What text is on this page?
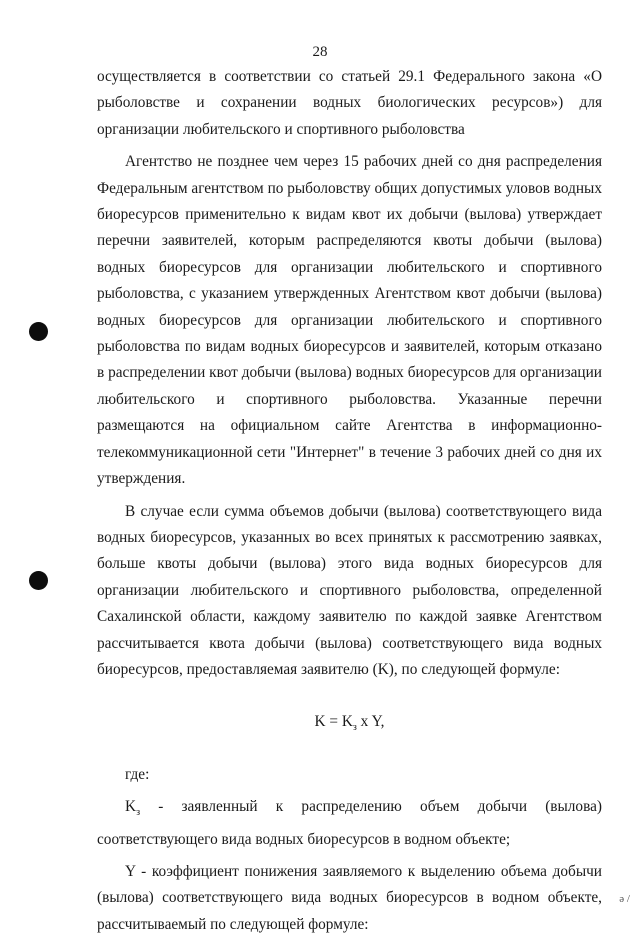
28

осуществляется в соответствии со статьей 29.1 Федерального закона «О рыболовстве и сохранении водных биологических ресурсов») для организации любительского и спортивного рыболовства

Агентство не позднее чем через 15 рабочих дней со дня распределения Федеральным агентством по рыболовству общих допустимых уловов водных биоресурсов применительно к видам квот их добычи (вылова) утверждает перечни заявителей, которым распределяются квоты добычи (вылова) водных биоресурсов для организации любительского и спортивного рыболовства, с указанием утвержденных Агентством квот добычи (вылова) водных биоресурсов для организации любительского и спортивного рыболовства по видам водных биоресурсов и заявителей, которым отказано в распределении квот добычи (вылова) водных биоресурсов для организации любительского и спортивного рыболовства. Указанные перечни размещаются на официальном сайте Агентства в информационно-телекоммуникационной сети "Интернет" в течение 3 рабочих дней со дня их утверждения.

В случае если сумма объемов добычи (вылова) соответствующего вида водных биоресурсов, указанных во всех принятых к рассмотрению заявках, больше квоты добычи (вылова) этого вида водных биоресурсов для организации любительского и спортивного рыболовства, определенной Сахалинской области, каждому заявителю по каждой заявке Агентством рассчитывается квота добычи (вылова) соответствующего вида водных биоресурсов, предоставляемая заявителю (K), по следующей формуле:

$K = K_з$ x Y,

где:

$K_з$ - заявленный к распределению объем добычи (вылова) соответствующего вида водных биоресурсов в водном объекте;

Y - коэффициент понижения заявляемого к выделению объема добычи (вылова) соответствующего вида водных биоресурсов в водном объекте, рассчитываемый по следующей формуле:

ə /
